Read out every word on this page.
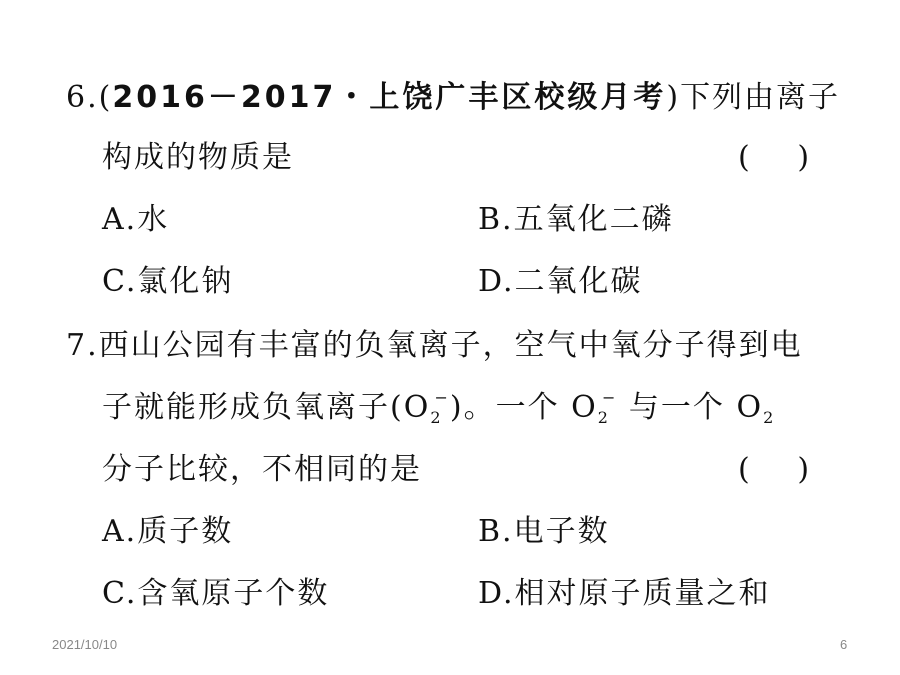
6.(2016－2017・上饶广丰区校级月考)下列由离子
构成的物质是	(     )
A.水	B.五氧化二磷
C.氯化钠	D.二氧化碳
7.西山公园有丰富的负氧离子，空气中氧分子得到电
子就能形成负氧离子$(O_2^-)$。一个 $O_2^-$ 与一个 $O_2$
分子比较，不相同的是	(     )
A.质子数	B.电子数
C.含氧原子个数	D.相对原子质量之和
2021/10/10	6
